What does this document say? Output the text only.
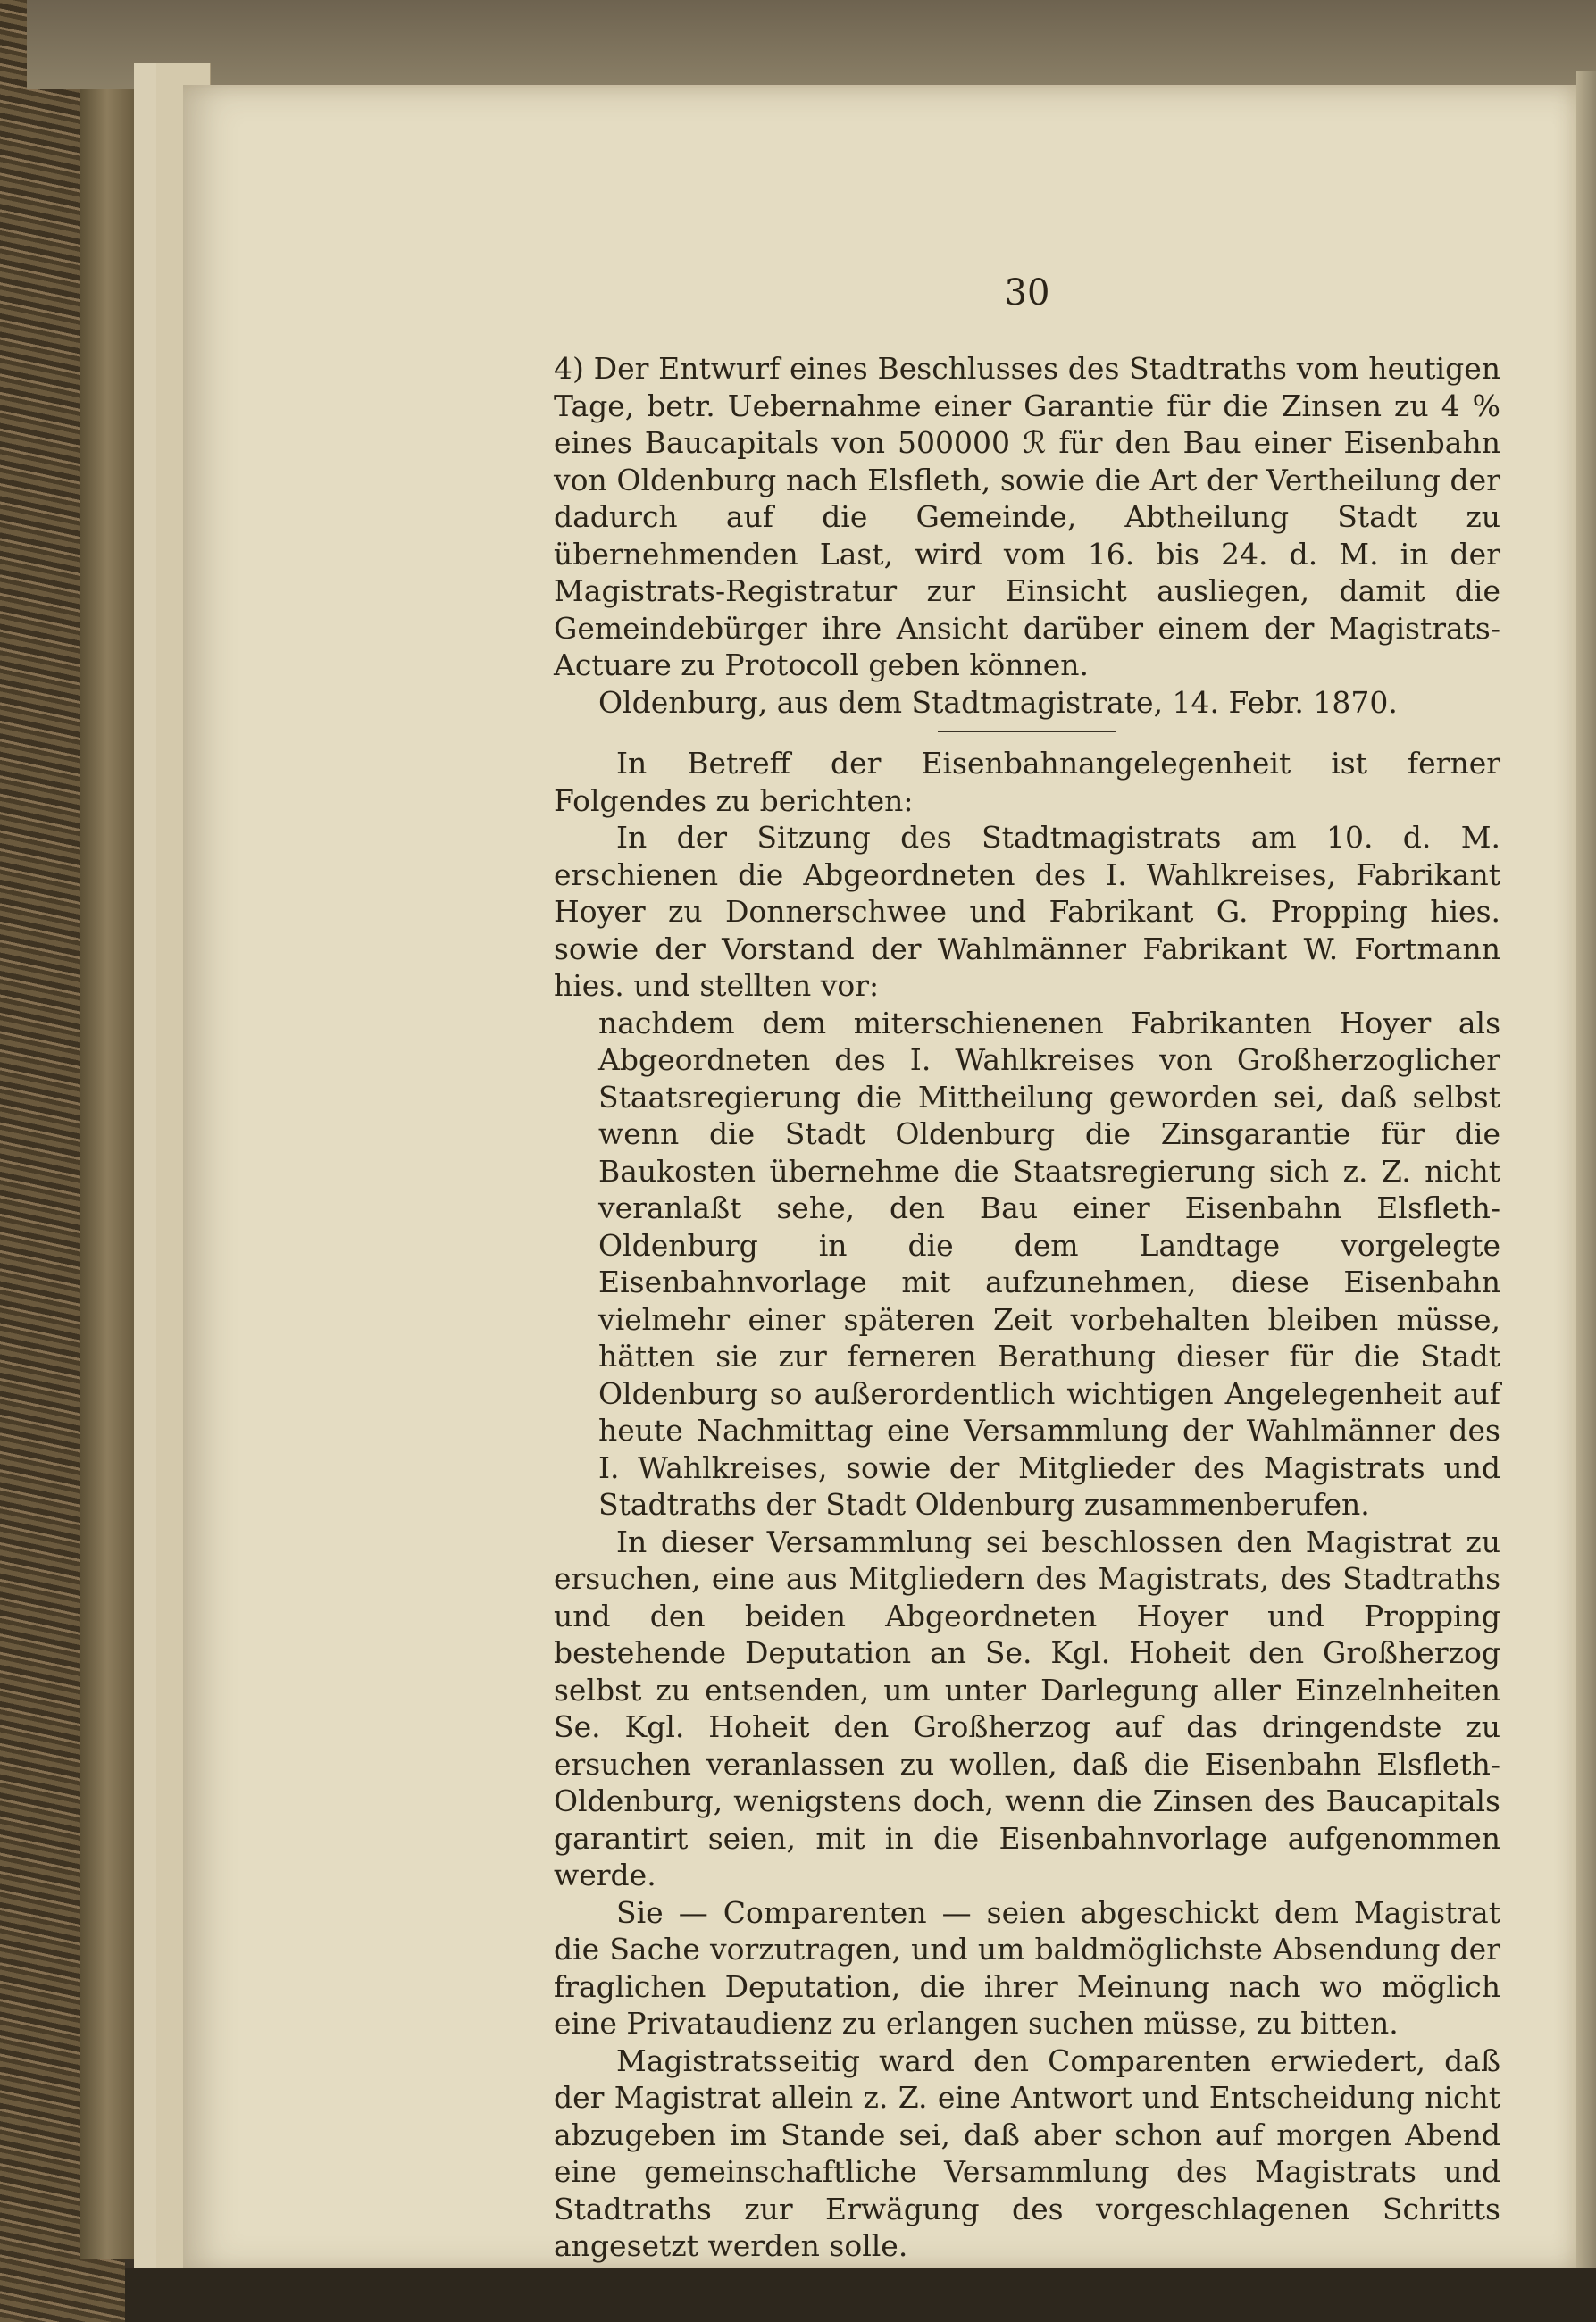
30

4) Der Entwurf eines Beschlusses des Stadtraths vom heutigen Tage, betr. Uebernahme einer Garantie für die Zinsen zu 4 % eines Baucapitals von 500000 ℛ︀ für den Bau einer Eisenbahn von Oldenburg nach Elsfleth, sowie die Art der Vertheilung der dadurch auf die Gemeinde, Abtheilung Stadt zu übernehmenden Last, wird vom 16. bis 24. d. M. in der Magistrats-Registratur zur Einsicht ausliegen, damit die Gemeindebürger ihre Ansicht darüber einem der Magistrats-Actuare zu Protocoll geben können.

Oldenburg, aus dem Stadtmagistrate, 14. Febr. 1870.

In Betreff der Eisenbahnangelegenheit ist ferner Folgendes zu berichten:

In der Sitzung des Stadtmagistrats am 10. d. M. erschienen die Abgeordneten des I. Wahlkreises, Fabrikant Hoyer zu Donnerschwee und Fabrikant G. Propping hies. sowie der Vorstand der Wahlmänner Fabrikant W. Fortmann hies. und stellten vor:

nachdem dem miterschienenen Fabrikanten Hoyer als Abgeordneten des I. Wahlkreises von Großherzoglicher Staatsregierung die Mittheilung geworden sei, daß selbst wenn die Stadt Oldenburg die Zinsgarantie für die Baukosten übernehme die Staatsregierung sich z. Z. nicht veranlaßt sehe, den Bau einer Eisenbahn Elsfleth-Oldenburg in die dem Landtage vorgelegte Eisenbahnvorlage mit aufzunehmen, diese Eisenbahn vielmehr einer späteren Zeit vorbehalten bleiben müsse, hätten sie zur ferneren Berathung dieser für die Stadt Oldenburg so außerordentlich wichtigen Angelegenheit auf heute Nachmittag eine Versammlung der Wahlmänner des I. Wahlkreises, sowie der Mitglieder des Magistrats und Stadtraths der Stadt Oldenburg zusammenberufen.

In dieser Versammlung sei beschlossen den Magistrat zu ersuchen, eine aus Mitgliedern des Magistrats, des Stadtraths und den beiden Abgeordneten Hoyer und Propping bestehende Deputation an Se. Kgl. Hoheit den Großherzog selbst zu entsenden, um unter Darlegung aller Einzelnheiten Se. Kgl. Hoheit den Großherzog auf das dringendste zu ersuchen veranlassen zu wollen, daß die Eisenbahn Elsfleth-Oldenburg, wenigstens doch, wenn die Zinsen des Baucapitals garantirt seien, mit in die Eisenbahnvorlage aufgenommen werde.

Sie — Comparenten — seien abgeschickt dem Magistrat die Sache vorzutragen, und um baldmöglichste Absendung der fraglichen Deputation, die ihrer Meinung nach wo möglich eine Privataudienz zu erlangen suchen müsse, zu bitten.

Magistratsseitig ward den Comparenten erwiedert, daß der Magistrat allein z. Z. eine Antwort und Entscheidung nicht abzugeben im Stande sei, daß aber schon auf morgen Abend eine gemeinschaftliche Versammlung des Magistrats und Stadtraths zur Erwägung des vorgeschlagenen Schritts angesetzt werden solle.
